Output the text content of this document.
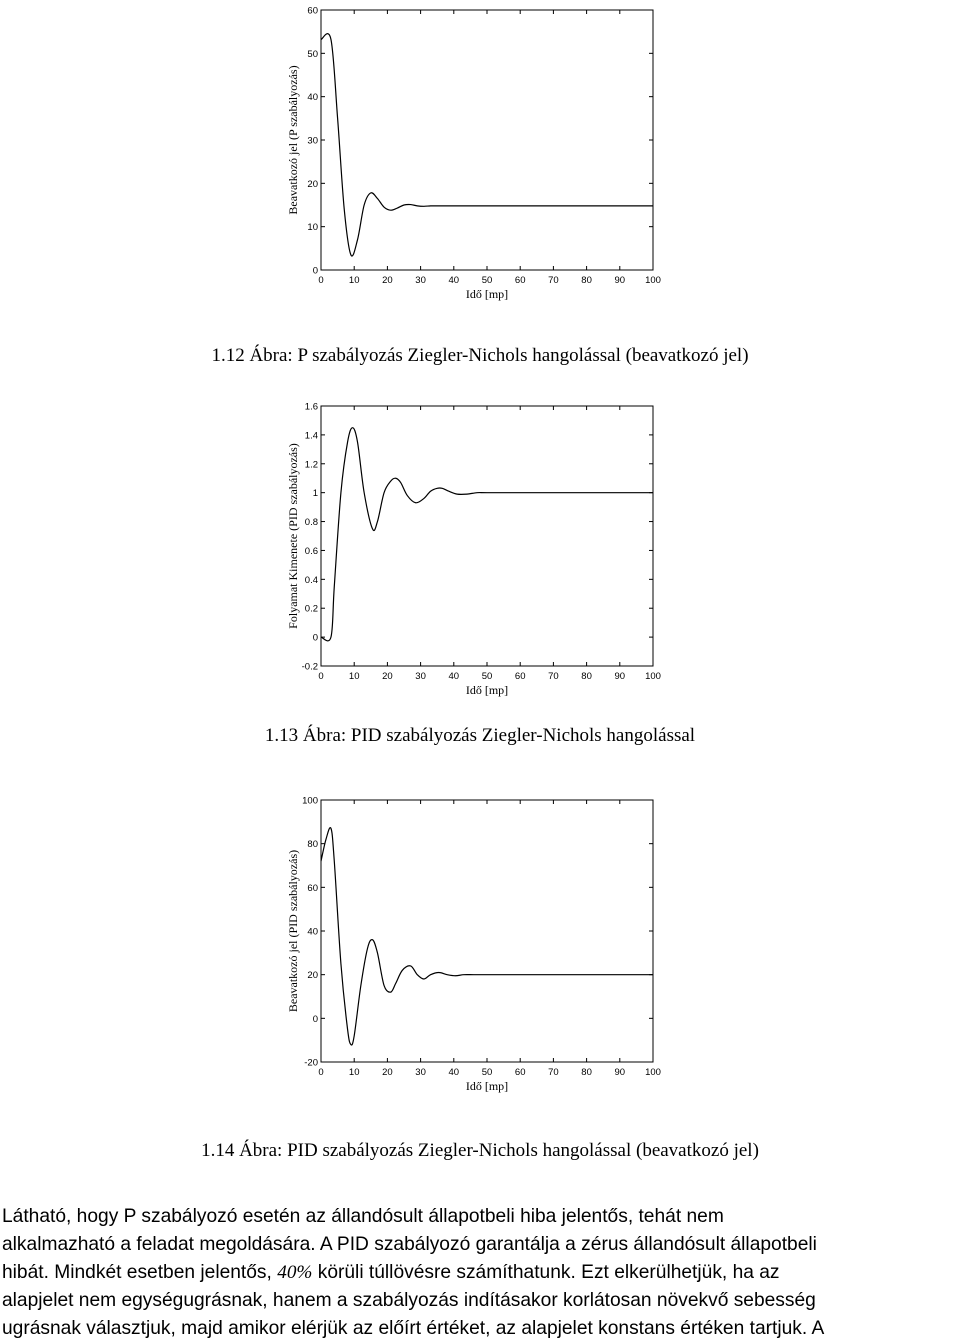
0	10 20 30 40 50 60 70 80 90 100
0
10
20
30
40
50
60
Idő [mp]
Beavatkozó jel (P szabályozás)
1.12 Ábra: P szabályozás Ziegler-Nichols hangolással (beavatkozó jel)
0	10 20 30 40 50 60 70 80 90 100
-0.2
0
0.2
0.4
0.6
0.8
1
1.2
1.4
1.6
Idő [mp]
Folyamat Kimenete (PID szabályozás)
1.13 Ábra: PID szabályozás Ziegler-Nichols hangolással
0	10 20 30 40 50 60 70 80 90 100
-20
0
20
40
60
80
100
Idő [mp]
Beavatkozó jel (PID szabályozás)
1.14 Ábra: PID szabályozás Ziegler-Nichols hangolással (beavatkozó jel)

Látható, hogy P szabályozó esetén az állandósult állapotbeli hiba jelentős, tehát nem

alkalmazható a feladat megoldására. A PID szabályozó garantálja a zérus állandósult állapotbeli

hibát. Mindkét esetben jelentős, 40% körüli túllövésre számíthatunk. Ezt elkerülhetjük, ha az

alapjelet nem egységugrásnak, hanem a szabályozás indításakor korlátosan növekvő sebesség

ugrásnak választjuk, majd amikor elérjük az előírt értéket, az alapjelet konstans értéken tartjuk. A
